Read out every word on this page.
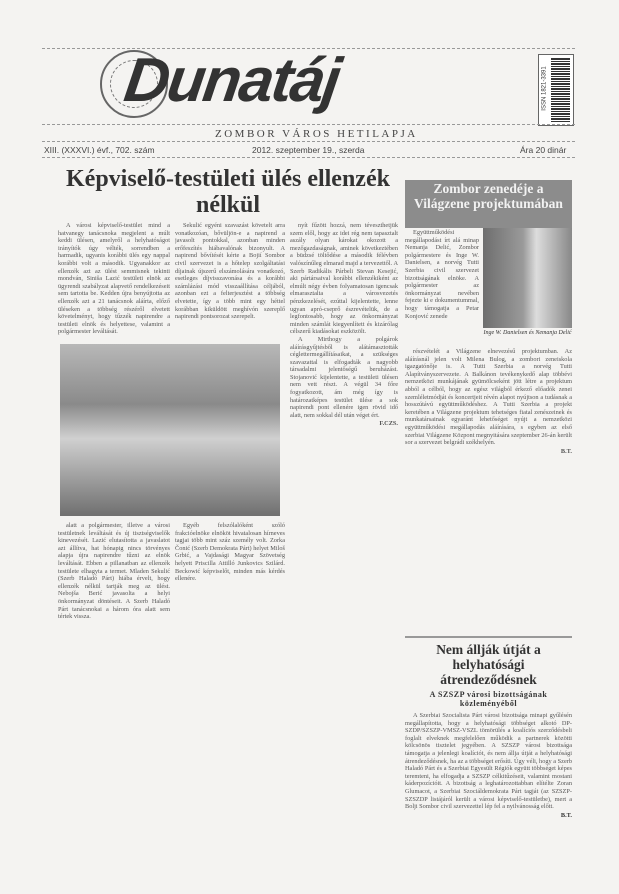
Dunatáj	ISSN 1821-3391
ZOMBOR VÁROS HETILAPJA
XIII. (XXXVI.) évf., 702. szám	2012. szeptember 19., szerda	Ára 20 dinár
Képviselő-testületi ülés ellenzék nélkül

A városi képviselő-testület mind a hatvanegy tanácsnoka megjelent a múlt keddi ülésen, amelyről a helyhatóságot irányítók úgy vélték, sorrendben a harmadik, ugyanis korábbi ülés egy nappal korábbi volt a második. Ugyanakkor az ellenzék azt az ülést semmisnek tekinti mondván, Siniša Lazić testületi elnök az ügyrendi szabályzat alapvető rendelkezéseit sem tartotta be. Kedden újra benyújtotta az ellenzék azt a 21 tanácsnok aláírta, előző üléseken a többség részéről elvetett követelményt, hogy tűzzék napirendre a testületi elnök és helyettese, valamint a polgármester leváltását.

alatt a polgármester, illetve a városi testületnek leváltását és új tisztségviselők kinevezését. Lazić elutasította a javaslatot azt állítva, hat hónapig nincs törvényes alapja újra napirendre tűzni az elnök leváltását. Ebben a pillanatban az ellenzék testülete elhagyta a termet. Mladen Sekulić (Szerb Haladó Párt) hiába érvelt, hogy ellenzék nélkül tartják meg az ülést. Nebojša Berić javasolta a helyi önkormányzat döntéseit. A Szerb Haladó Párt tanácsnokai a három óra alatt sem tértek vissza.

Sekulić egyéni szavazást követelt arra vonatkozóan, bővüljön-e a napirend a javasolt pontokkal, azonban minden erőfeszítés hiábavalónak bizonyult. A napirend bővítését kérte a Bojií Sombor civil szervezet is a hőtelep szolgáltatási díjainak újszerű elszámolására vonatkozó, esetleges díjvisszavonása és a korábbi számlázási mód visszaállítása céljából, azonban ezt a felterjesztést a többség elvetette, így a több mint egy héttel korábban kiküldött meghívón szereplő napirendi pontsorozat szerepelt.

Egyéb felszólalóként szóló frakcióelnöke elnököt hivatalosan hírneves tagjai több mint száz személy volt. Zorka Čonić (Szerb Demokrata Párt) helyet Miloš Grbić, a Vajdasági Magyar Szövetség helyett Priscilla Attilló Junkovics Szilárd. Beckowić képviselőt, minden más kérdés ellenére.

nyít fűzött hozzá, nem téveszthetjük szem elől, hogy az idei rég nem tapasztalt aszály olyan károkat okozott a mezőgazdaságnak, aminek következtében a büdzsé töltődése a második félévben valószínűleg elmarad majd a tervezettől. A Szerb Radikális Párbeli Stevan Kesejić, aki pártársaival korábbi ellenzékiként az elmúlt négy évben folyamatosan igencsak elmarasztalta a városvezetés pénzkezelését, ezúttal kijelentette, lenne ugyan apró-cseprő észrevételük, de a legfontosabb, hogy az önkormányzat minden számlát kiegyenlített és kizárólag célszerű kiadásokat eszközölt.

A Mirthogy a polgárok aláírásgyűjtésből is alátámasztották céglettermegállításaikat, a szükséges szavazattal is elfogadták a nagyobb társadalmi jelentőségű beruházást. Stojanović kijelentette, a testületi ülésen nem vett részt. A végül 34 főre fogyatkozott, ám még így is határozatképes testület ülése a sok napirendi pont ellenére igen rövid idő alatt, nem sokkal dél után véget ért.

F.CZS.
Zombor zenedéje a Világzene projektumában

Együttműködési megállapodást írt alá minap Nemanja Delić, Zombor polgármestere és Inge W. Danielsen, a norvég Tutti Szerbia civil szervezet bizottságának elnöke. A polgármester az önkormányzat nevében fejezte ki e dokumentummal, hogy támogatja a Petar Konjović zenede

Inge W. Danielsen és Nemanja Delić

részvételét a Világzene elnevezésű projektumban. Az aláírásnál jelen volt Milena Bulog, a zombori zeneiskola igazgatónője is. A Tutti Szerbia a norvég Tutti Alapítványszervezete. A Balkánon tevékenykedő alap többévi nemzetközi munkájának gyümölcseként jött létre a projektum abból a célból, hogy az egész világból érkező előadók zenei szemléletmódját és koncertjeit révén alapot nyújtson a tudásnak a hosszútávú együttműködéshez. A Tutti Szerbia a projekt keretében a Világzene projektum tehetséges fiatal zenészeinek és munkatársainak egyaránt lehetőséget nyújt a nemzetközi együttműködési megállapodás aláírására, s egyben az első szerbiai Világzene Központ megnyitására szeptember 26-án került sor a szervezet belgrádi székhelyén.

B.T.
Nem állják útját a helyhatósági átrendeződésnek
A SZSZP városi bizottságának közleményéből

A Szerbiai Szocialista Párt városi bizottsága minapi gyűlésén megállapította, hogy a helyhatósági többséget alkotó DP-SZDP/SZSZP-VMSZ-VSZL tömörülés a koalíciós szerződésbeli foglalt elveknek megfelelően működik a partnerek közötti kölcsönös tisztelet jegyében. A SZSZP városi bizottsága támogatja a jelenlegi koalíciót, és nem állja útját a helyhatósági átrendeződésnek, ha az a többséget erősíti. Úgy véli, hogy a Szerb Haladó Párt és a Szerbiai Egyesült Régiók együtt többséget képes teremteni, ha elfogadja a SZSZP célkitűzéseit, valamint mostani káderpozícióit. A bizottság a leghatározottabban elítélte Zoran Glumacot, a Szerbiai Szociáldemokrata Párt tagját (az SZSZP-SZSZDP listájáról került a városi képviselő-testületbe), mert a Bolji Sombor civil szervezettel lép fel a nyilvánosság előtt.

B.T.
